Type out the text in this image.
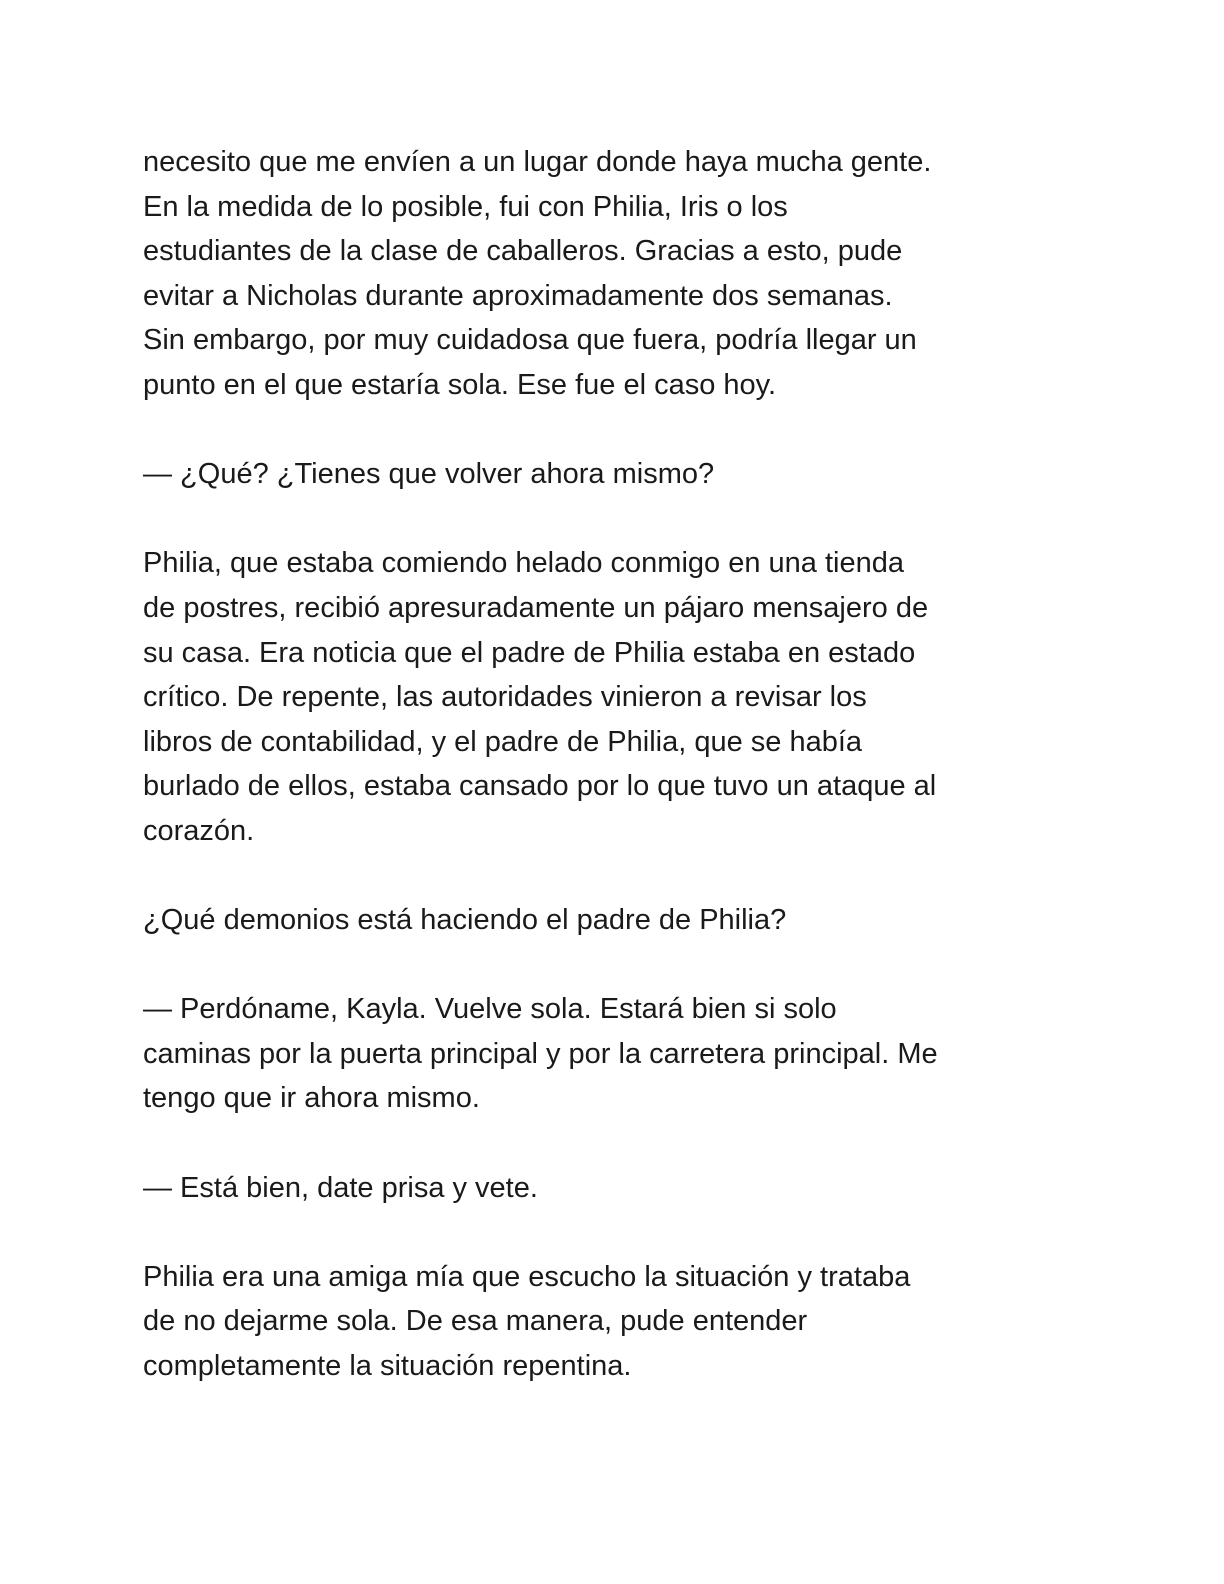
necesito que me envíen a un lugar donde haya mucha gente.
En la medida de lo posible, fui con Philia, Iris o los
estudiantes de la clase de caballeros. Gracias a esto, pude
evitar a Nicholas durante aproximadamente dos semanas.
Sin embargo, por muy cuidadosa que fuera, podría llegar un
punto en el que estaría sola. Ese fue el caso hoy.

— ¿Qué? ¿Tienes que volver ahora mismo?

Philia, que estaba comiendo helado conmigo en una tienda
de postres, recibió apresuradamente un pájaro mensajero de
su casa. Era noticia que el padre de Philia estaba en estado
crítico. De repente, las autoridades vinieron a revisar los
libros de contabilidad, y el padre de Philia, que se había
burlado de ellos, estaba cansado por lo que tuvo un ataque al
corazón.

¿Qué demonios está haciendo el padre de Philia?

— Perdóname, Kayla. Vuelve sola. Estará bien si solo
caminas por la puerta principal y por la carretera principal. Me
tengo que ir ahora mismo.

— Está bien, date prisa y vete.

Philia era una amiga mía que escucho la situación y trataba
de no dejarme sola. De esa manera, pude entender
completamente la situación repentina.
